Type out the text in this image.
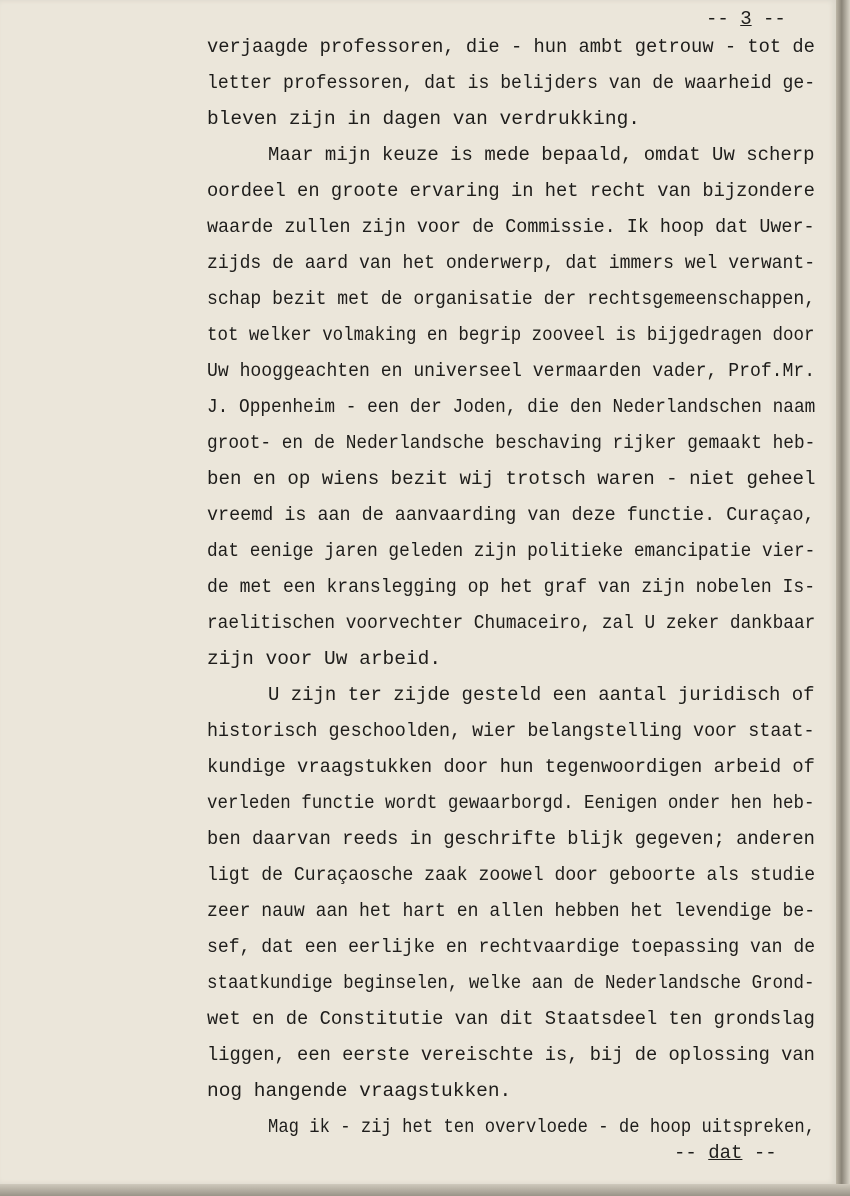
-- 3 --
verjaagde professoren, die - hun ambt getrouw - tot de
letter professoren, dat is belijders van de waarheid ge-
bleven zijn in dagen van verdrukking.
Maar mijn keuze is mede bepaald, omdat Uw scherp
oordeel en groote ervaring in het recht van bijzondere
waarde zullen zijn voor de Commissie. Ik hoop dat Uwer-
zijds de aard van het onderwerp, dat immers wel verwant-
schap bezit met de organisatie der rechtsgemeenschappen,
tot welker volmaking en begrip zooveel is bijgedragen door
Uw hooggeachten en universeel vermaarden vader, Prof.Mr.
J. Oppenheim - een der Joden, die den Nederlandschen naam
groot- en de Nederlandsche beschaving rijker gemaakt heb-
ben en op wiens bezit wij trotsch waren - niet geheel
vreemd is aan de aanvaarding van deze functie. Curaçao,
dat eenige jaren geleden zijn politieke emancipatie vier-
de met een kranslegging op het graf van zijn nobelen Is-
raelitischen voorvechter Chumaceiro, zal U zeker dankbaar
zijn voor Uw arbeid.
U zijn ter zijde gesteld een aantal juridisch of
historisch geschoolden, wier belangstelling voor staat-
kundige vraagstukken door hun tegenwoordigen arbeid of
verleden functie wordt gewaarborgd. Eenigen onder hen heb-
ben daarvan reeds in geschrifte blijk gegeven; anderen
ligt de Curaçaosche zaak zoowel door geboorte als studie
zeer nauw aan het hart en allen hebben het levendige be-
sef, dat een eerlijke en rechtvaardige toepassing van de
staatkundige beginselen, welke aan de Nederlandsche Grond-
wet en de Constitutie van dit Staatsdeel ten grondslag
liggen, een eerste vereischte is, bij de oplossing van
nog hangende vraagstukken.
Mag ik - zij het ten overvloede - de hoop uitspreken,
-- dat --
